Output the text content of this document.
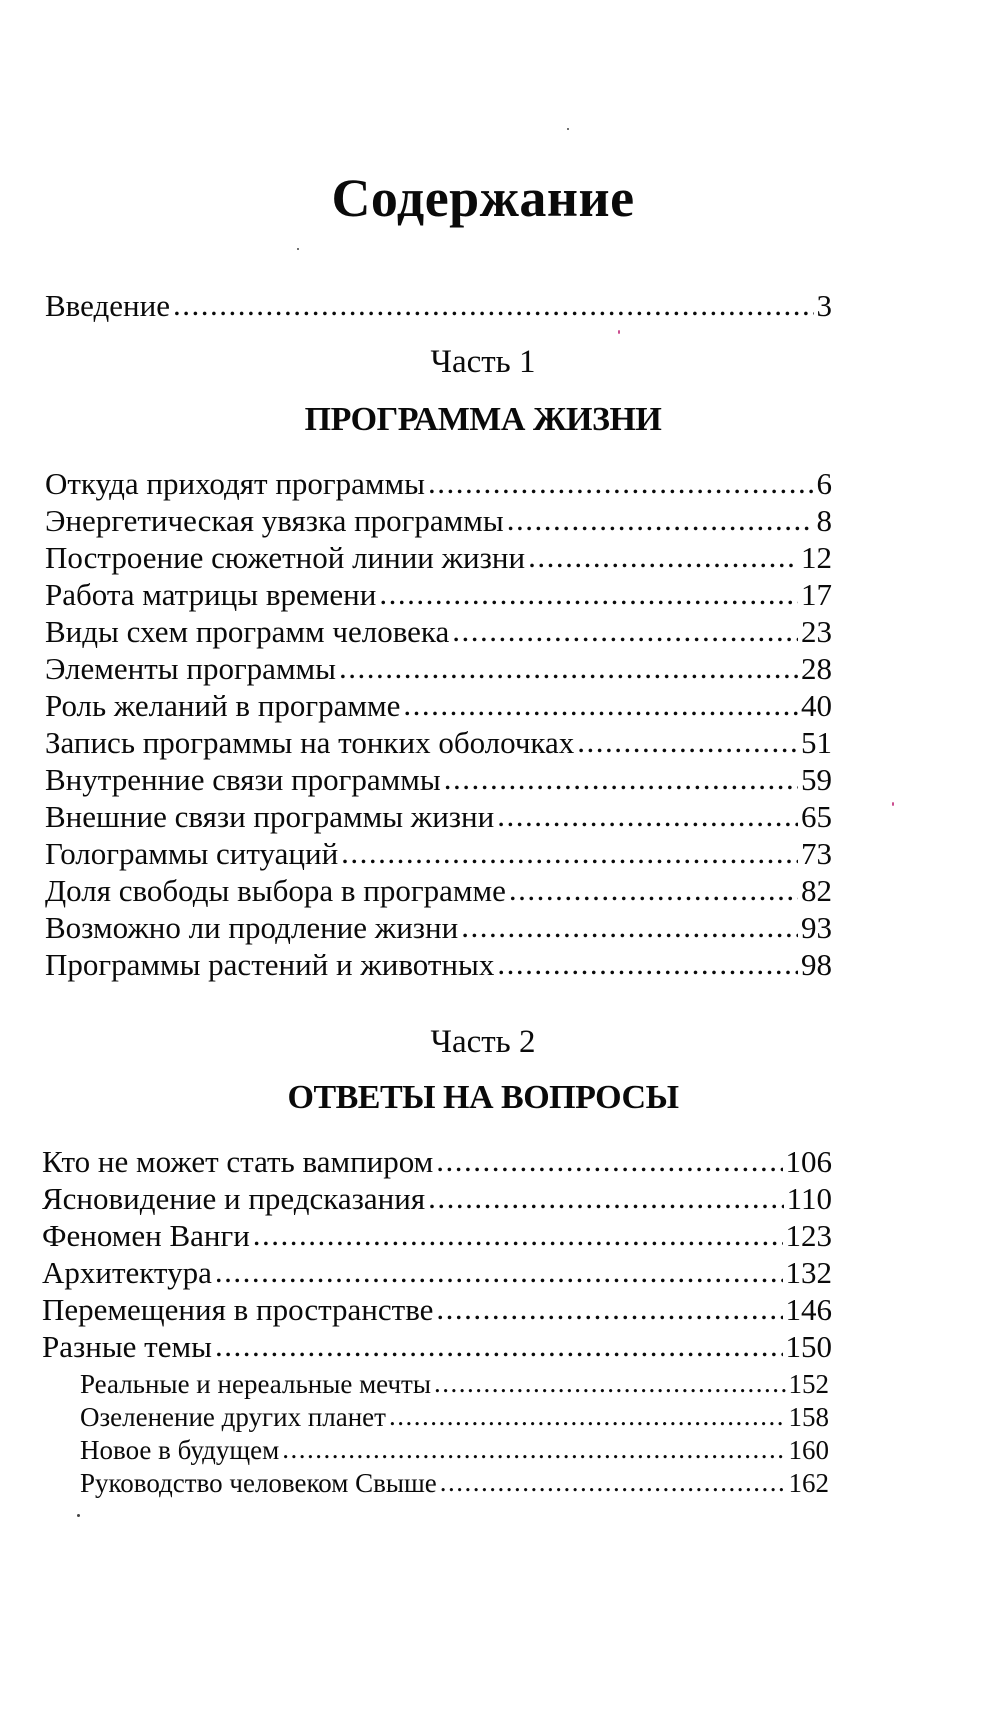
Содержание
Введение .....	3
Часть 1
ПРОГРАММА ЖИЗНИ
Откуда приходят программы .....	6
Энергетическая увязка программы .....	8
Построение сюжетной линии жизни .....	12
Работа матрицы времени .....	17
Виды схем программ человека .....	23
Элементы программы .....	28
Роль желаний в программе .....	40
Запись программы на тонких оболочках .....	51
Внутренние связи программы .....	59
Внешние связи программы жизни .....	65
Голограммы ситуаций .....	73
Доля свободы выбора в программе .....	82
Возможно ли продление жизни .....	93
Программы растений и животных .....	98
Часть 2
ОТВЕТЫ НА ВОПРОСЫ
Кто не может стать вампиром .....	106
Ясновидение и предсказания .....	110
Феномен Ванги .....	123
Архитектура .....	132
Перемещения в пространстве .....	146
Разные темы .....	150
Реальные и нереальные мечты .....	152
Озеленение других планет .....	158
Новое в будущем .....	160
Руководство человеком Свыше .....	162
